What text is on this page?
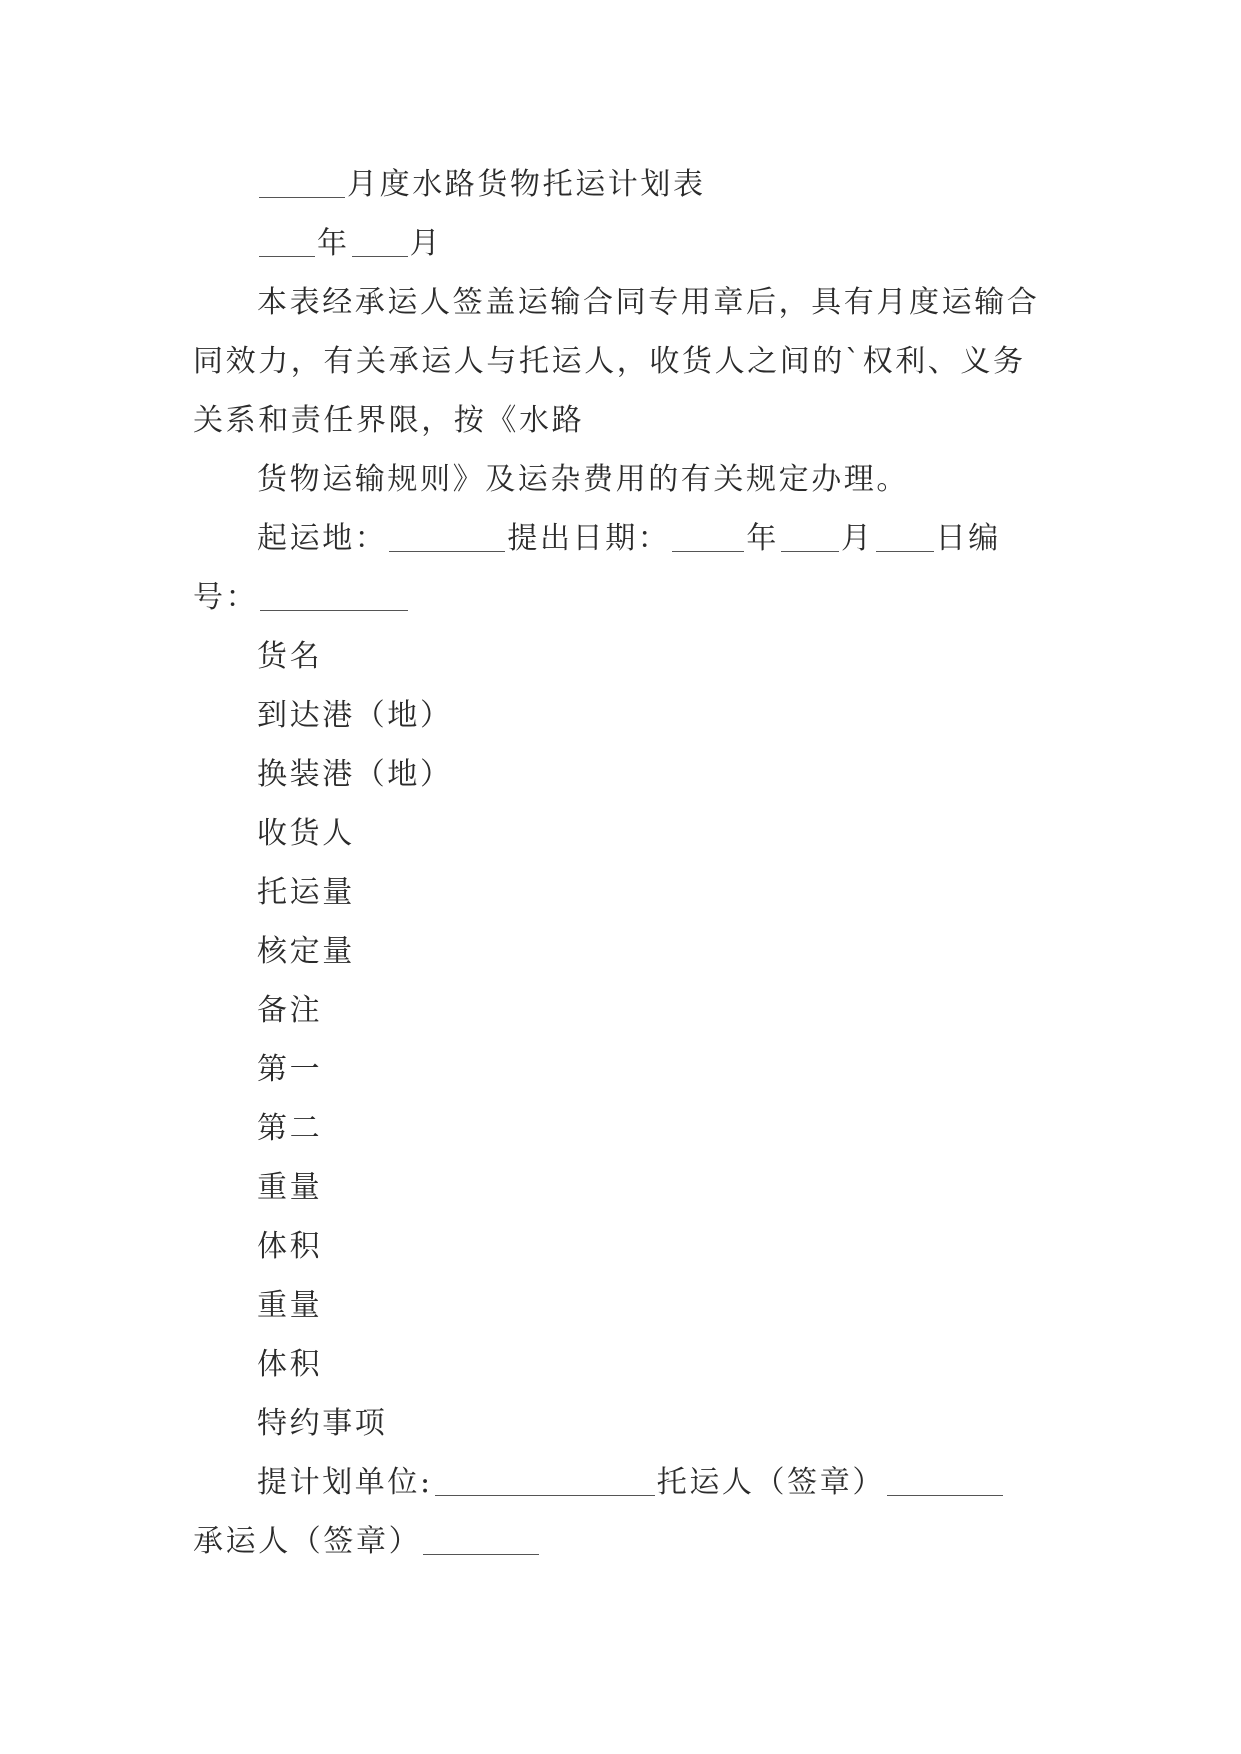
月度水路货物托运计划表
年 月

本表经承运人签盖运输合同专用章后，具有月度运输合同效力，有关承运人与托运人，收货人之间的`权利、义务关系和责任界限，按《水路

货物运输规则》及运杂费用的有关规定办理。
起运地：	提出日期：	年 月 日编
号：
货名
到达港（地）
换装港（地）
收货人
托运量
核定量
备注
第一
第二
重量
体积
重量
体积
特约事项
提计划单位:	托运人（签章）
承运人（签章）
